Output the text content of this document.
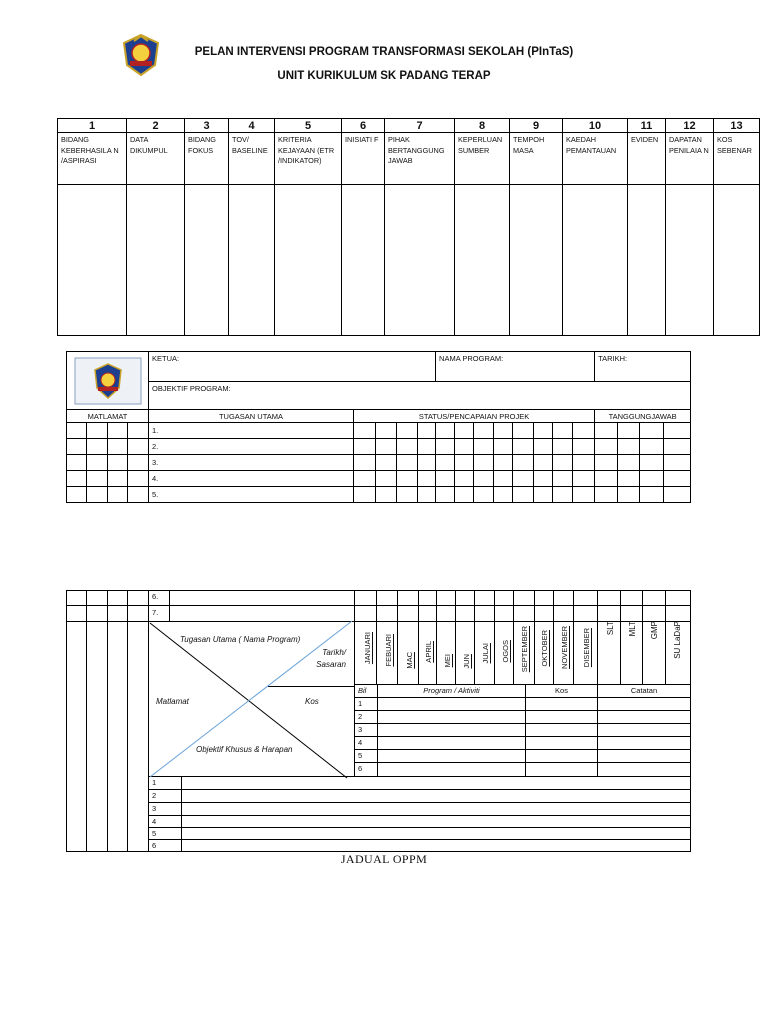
PELAN INTERVENSI PROGRAM TRANSFORMASI SEKOLAH (PInTaS)
UNIT KURIKULUM SK PADANG TERAP
1	2	3	4	5	6	7	8	9	10	11	12	13
BIDANG KEBERHASILA N /ASPIRASI	DATA DIKUMPUL	BIDANG FOKUS	TOV/ BASELINE	KRITERIA KEJAYAAN (ETR /INDIKATOR)	INISIATI F	PIHAK BERTANGGUNG JAWAB	KEPERLUAN SUMBER	TEMPOH MASA	KAEDAH PEMANTAUAN	EVIDEN	DAPATAN PENILAIA N	KOS SEBENAR

	KETUA:					NAMA PROGRAM:								TARIKH:			
				OBJEKTIF PROGRAM:																
MATLAMAT				TUGASAN UTAMA	STATUS/PENCAPAIAN PROJEK												TANGGUNGJAWAB			
				1.																
				2.																
				3.																
				4.																
				5.																
6.
7.
Tugasan Utama ( Nama Program)
Tarikh/ Sasaran
Matlamat	Kos
Objektif Khusus & Harapan
JANUARI FEBUARI MAC APRIL MEI JUN JULAI OGOS SEPTEMBER OKTOBER NOVEMBER DISEMBER SLT MLT GMP SU LaDaP
Bil	Program / Aktiviti	Kos	Catatan
1
2
3
4
5
6
1
2
3
4
5
6
JADUAL OPPM
